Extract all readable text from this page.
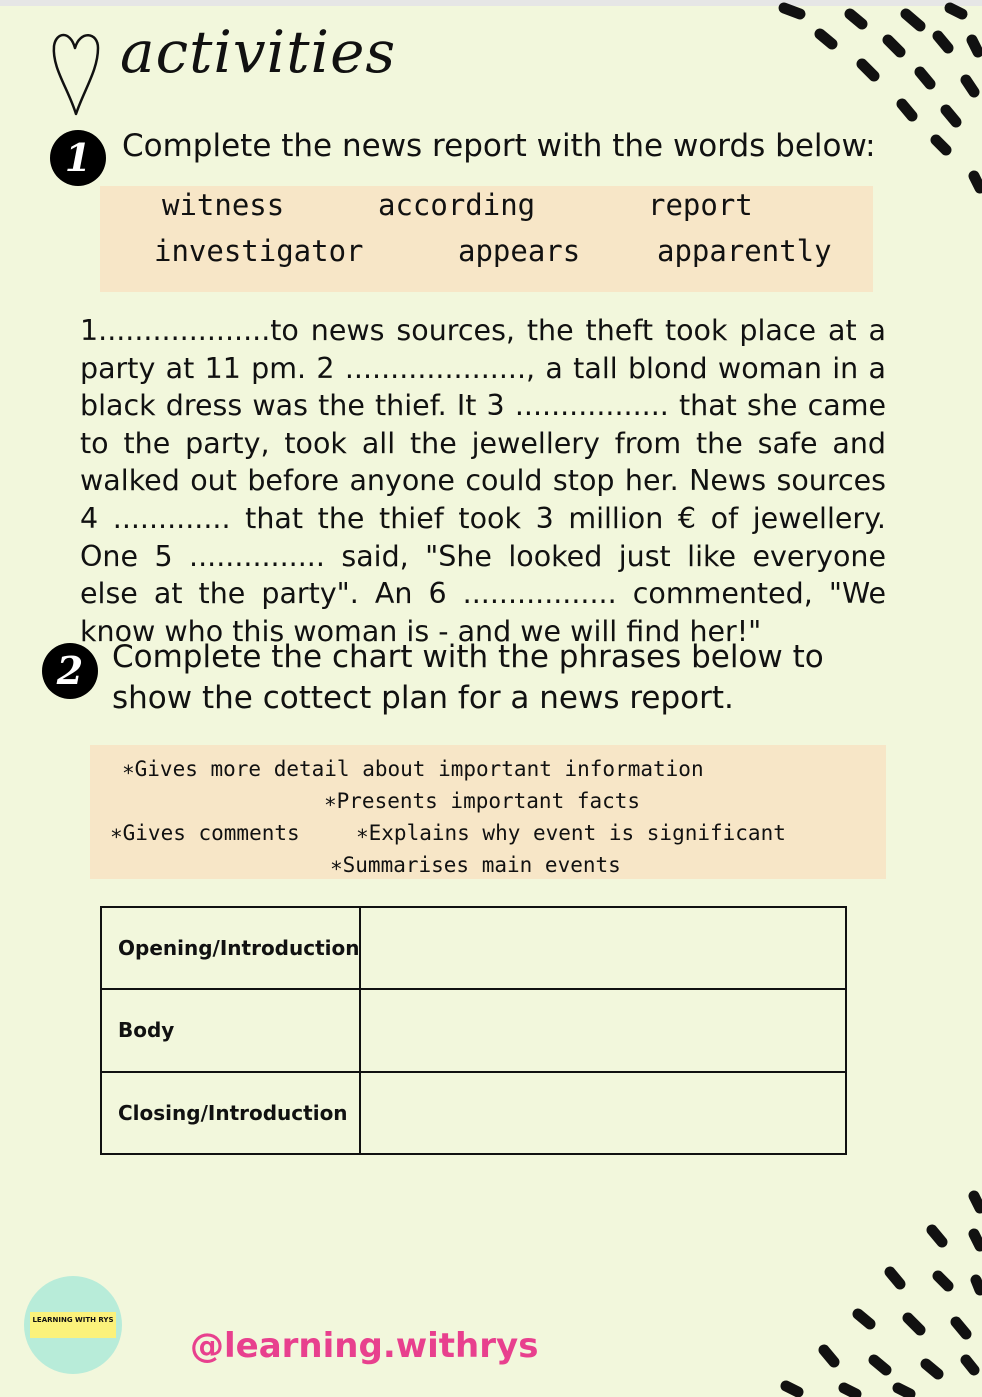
activities
1 Complete the news report with the words below:
witness	according	report
investigator	appears	apparently
1...................to news sources, the theft took place at a party at 11 pm. 2 ...................., a tall blond woman in a black dress was the thief. It 3 ................. that she came to the party, took all the jewellery from the safe and walked out before anyone could stop her. News sources 4 ............. that the thief took 3 million € of jewellery. One 5 ............... said, "She looked just like everyone else at the party". An 6 ................. commented, "We know who this woman is - and we will find her!"
2 Complete the chart with the phrases below to show the cottect plan for a news report.
∗Gives more detail about important information
∗Presents important facts
∗Gives comments	∗Explains why event is significant
∗Summarises main events
Opening/Introduction	
Body	
Closing/Introduction	
LEARNING WITH RYS
@learning.withrys
